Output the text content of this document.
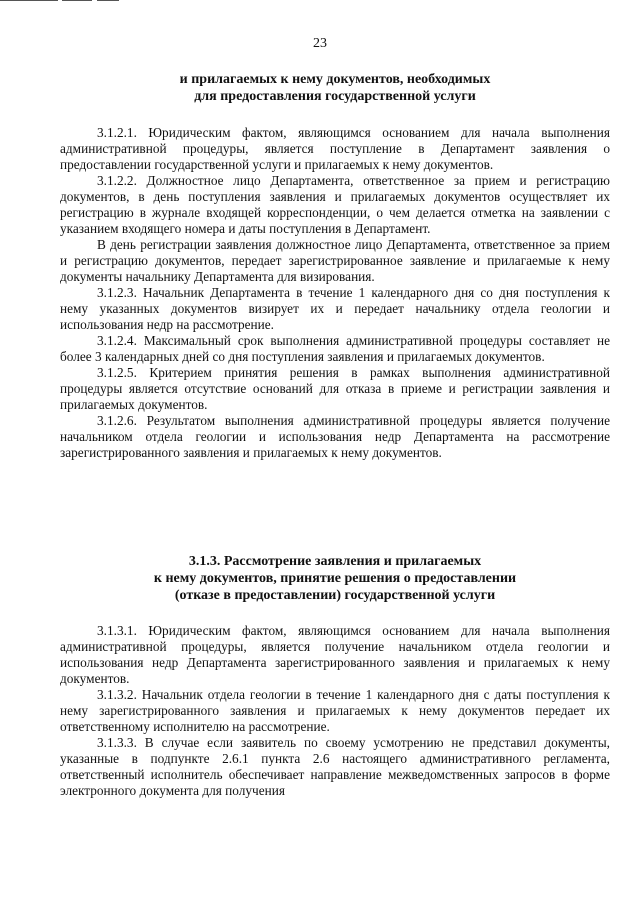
23
и прилагаемых к нему документов, необходимых
для предоставления государственной услуги

3.1.2.1. Юридическим фактом, являющимся основанием для начала выполнения административной процедуры, является поступление в Департамент заявления о предоставлении государственной услуги и прилагаемых к нему документов.

3.1.2.2. Должностное лицо Департамента, ответственное за прием и регистрацию документов, в день поступления заявления и прилагаемых документов осуществляет их регистрацию в журнале входящей корреспонденции, о чем делается отметка на заявлении с указанием входящего номера и даты поступления в Департамент.

В день регистрации заявления должностное лицо Департамента, ответственное за прием и регистрацию документов, передает зарегистрированное заявление и прилагаемые к нему документы начальнику Департамента для визирования.

3.1.2.3. Начальник Департамента в течение 1 календарного дня со дня поступления к нему указанных документов визирует их и передает начальнику отдела геологии и использования недр на рассмотрение.

3.1.2.4. Максимальный срок выполнения административной процедуры составляет не более 3 календарных дней со дня поступления заявления и прилагаемых документов.

3.1.2.5. Критерием принятия решения в рамках выполнения административной процедуры является отсутствие оснований для отказа в приеме и регистрации заявления и прилагаемых документов.

3.1.2.6. Результатом выполнения административной процедуры является получение начальником отдела геологии и использования недр Департамента на рассмотрение зарегистрированного заявления и прилагаемых к нему документов.

3.1.3. Рассмотрение заявления и прилагаемых
к нему документов, принятие решения о предоставлении
(отказе в предоставлении) государственной услуги

3.1.3.1. Юридическим фактом, являющимся основанием для начала выполнения административной процедуры, является получение начальником отдела геологии и использования недр Департамента зарегистрированного заявления и прилагаемых к нему документов.

3.1.3.2. Начальник отдела геологии в течение 1 календарного дня с даты поступления к нему зарегистрированного заявления и прилагаемых к нему документов передает их ответственному исполнителю на рассмотрение.

3.1.3.3. В случае если заявитель по своему усмотрению не представил документы, указанные в подпункте 2.6.1 пункта 2.6 настоящего административного регламента, ответственный исполнитель обеспечивает направление межведомственных запросов в форме электронного документа для получения
